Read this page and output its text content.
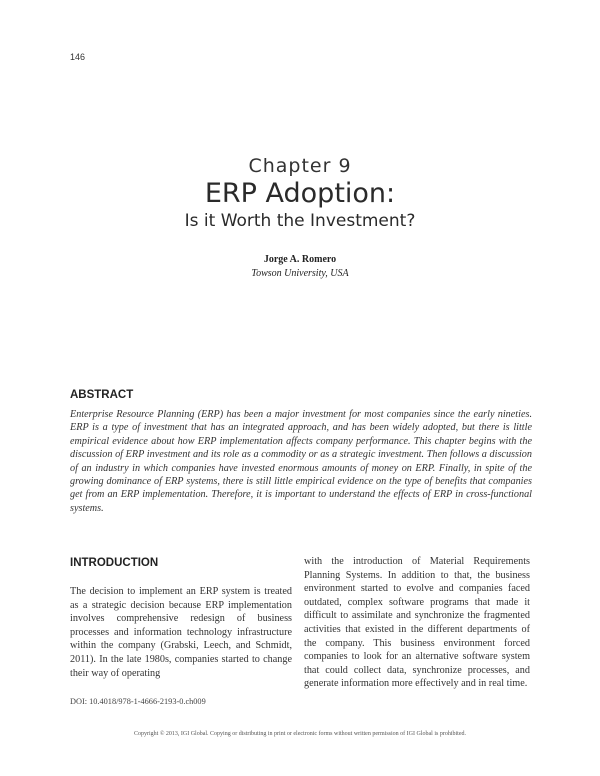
146
Chapter 9
ERP Adoption:
Is it Worth the Investment?
Jorge A. Romero
Towson University, USA
ABSTRACT
Enterprise Resource Planning (ERP) has been a major investment for most companies since the early nineties. ERP is a type of investment that has an integrated approach, and has been widely adopted, but there is little empirical evidence about how ERP implementation affects company performance. This chapter begins with the discussion of ERP investment and its role as a commodity or as a strategic investment. Then follows a discussion of an industry in which companies have invested enormous amounts of money on ERP. Finally, in spite of the growing dominance of ERP systems, there is still little empirical evidence on the type of benefits that companies get from an ERP implementation. Therefore, it is important to understand the effects of ERP in cross-functional systems.
INTRODUCTION
The decision to implement an ERP system is treated as a strategic decision because ERP implementation involves comprehensive redesign of business processes and information technology infrastructure within the company (Grabski, Leech, and Schmidt, 2011). In the late 1980s, companies started to change their way of operating
with the introduction of Material Requirements Planning Systems. In addition to that, the business environment started to evolve and companies faced outdated, complex software programs that made it difficult to assimilate and synchronize the fragmented activities that existed in the different departments of the company. This business environment forced companies to look for an alternative software system that could collect data, synchronize processes, and generate information more effectively and in real time.
DOI: 10.4018/978-1-4666-2193-0.ch009
Copyright © 2013, IGI Global. Copying or distributing in print or electronic forms without written permission of IGI Global is prohibited.
